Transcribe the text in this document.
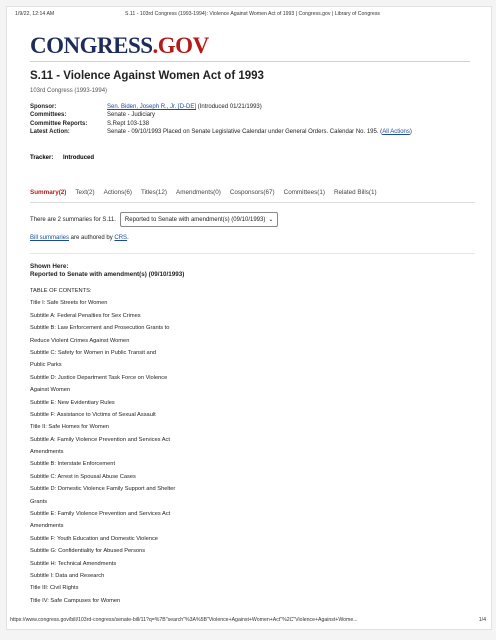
1/9/22, 12:14 AM	S.11 - 103rd Congress (1993-1994): Violence Against Women Act of 1993 | Congress.gov | Library of Congress
CONGRESS.GOV
S.11 - Violence Against Women Act of 1993
103rd Congress (1993-1994)
Sponsor:	Sen. Biden, Joseph R., Jr. [D-DE] (Introduced 01/21/1993)
Committees:	Senate - Judiciary
Committee Reports:	S.Rept 103-138
Latest Action:	Senate - 09/10/1993 Placed on Senate Legislative Calendar under General Orders. Calendar No. 195. (All Actions)
Tracker: Introduced
Summary(2) Text(2) Actions(6) Titles(12) Amendments(0) Cosponsors(67) Committees(1) Related Bills(1)
There are 2 summaries for S.11. Reported to Senate with amendment(s) (09/10/1993) ⌄
Bill summaries are authored by CRS.
Shown Here:
Reported to Senate with amendment(s) (09/10/1993)
TABLE OF CONTENTS:
Title I: Safe Streets for Women
Subtitle A: Federal Penalties for Sex Crimes
Subtitle B: Law Enforcement and Prosecution Grants to
Reduce Violent Crimes Against Women
Subtitle C: Safety for Women in Public Transit and
Public Parks
Subtitle D: Justice Department Task Force on Violence
Against Women
Subtitle E: New Evidentiary Rules
Subtitle F: Assistance to Victims of Sexual Assault
Title II: Safe Homes for Women
Subtitle A: Family Violence Prevention and Services Act
Amendments
Subtitle B: Interstate Enforcement
Subtitle C: Arrest in Spousal Abuse Cases
Subtitle D: Domestic Violence Family Support and Shelter
Grants
Subtitle E: Family Violence Prevention and Services Act
Amendments
Subtitle F: Youth Education and Domestic Violence
Subtitle G: Confidentiality for Abused Persons
Subtitle H: Technical Amendments
Subtitle I: Data and Research
Title III: Civil Rights
Title IV: Safe Campuses for Women
https://www.congress.gov/bill/103rd-congress/senate-bill/11?q=%7B"search"%3A%5B"Violence+Against+Women+Act"%2C"Violence+Against+Wome...	1/4
